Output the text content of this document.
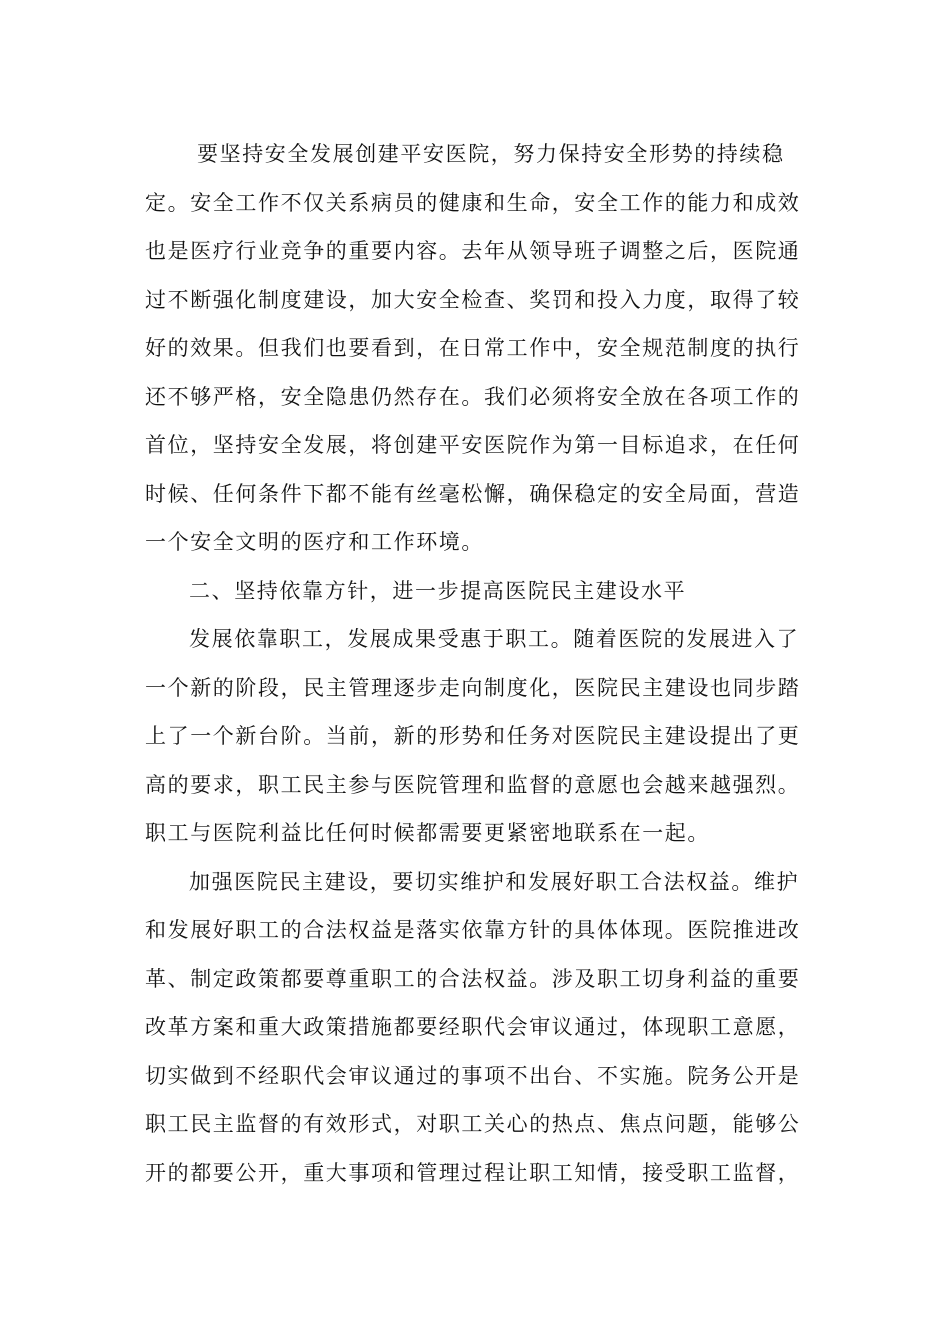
要坚持安全发展创建平安医院，努力保持安全形势的持续稳
定。安全工作不仅关系病员的健康和生命，安全工作的能力和成效
也是医疗行业竞争的重要内容。去年从领导班子调整之后，医院通
过不断强化制度建设，加大安全检查、奖罚和投入力度，取得了较
好的效果。但我们也要看到，在日常工作中，安全规范制度的执行
还不够严格，安全隐患仍然存在。我们必须将安全放在各项工作的
首位，坚持安全发展，将创建平安医院作为第一目标追求，在任何
时候、任何条件下都不能有丝毫松懈，确保稳定的安全局面，营造
一个安全文明的医疗和工作环境。
二、坚持依靠方针，进一步提高医院民主建设水平
发展依靠职工，发展成果受惠于职工。随着医院的发展进入了
一个新的阶段，民主管理逐步走向制度化，医院民主建设也同步踏
上了一个新台阶。当前，新的形势和任务对医院民主建设提出了更
高的要求，职工民主参与医院管理和监督的意愿也会越来越强烈。
职工与医院利益比任何时候都需要更紧密地联系在一起。
加强医院民主建设，要切实维护和发展好职工合法权益。维护
和发展好职工的合法权益是落实依靠方针的具体体现。医院推进改
革、制定政策都要尊重职工的合法权益。涉及职工切身利益的重要
改革方案和重大政策措施都要经职代会审议通过，体现职工意愿，
切实做到不经职代会审议通过的事项不出台、不实施。院务公开是
职工民主监督的有效形式，对职工关心的热点、焦点问题，能够公
开的都要公开，重大事项和管理过程让职工知情，接受职工监督，
